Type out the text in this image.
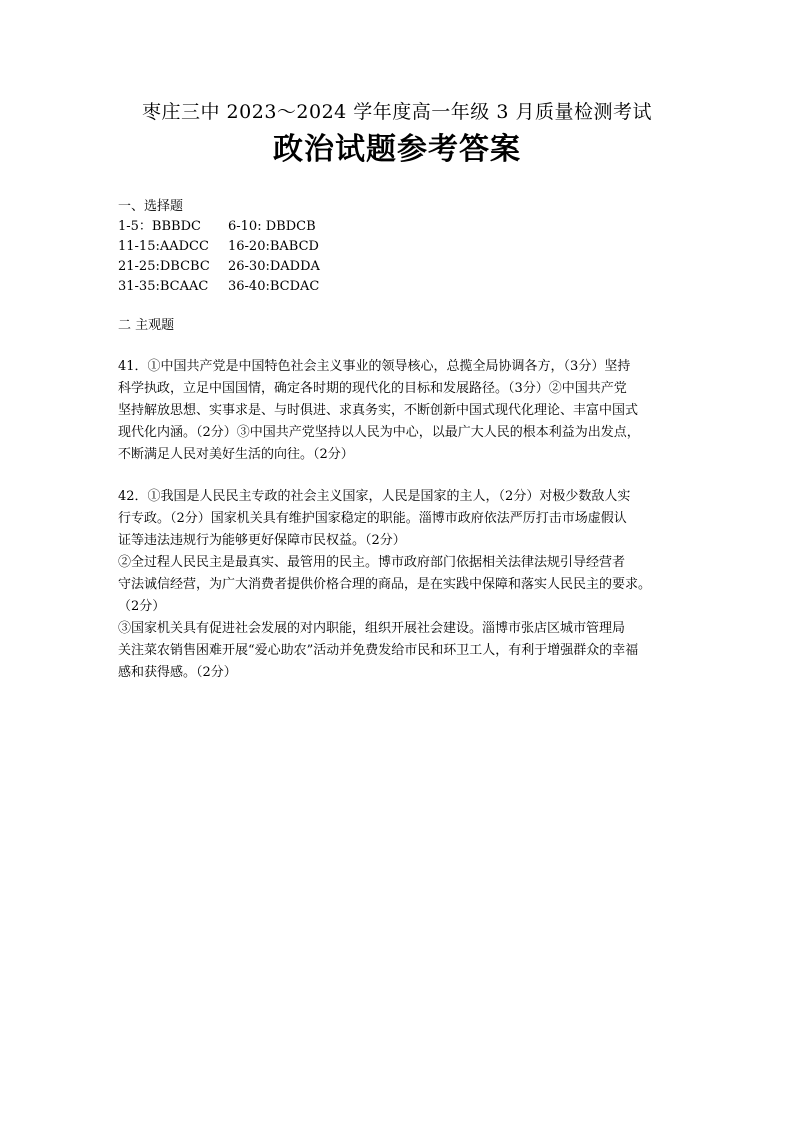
枣庄三中 2023～2024 学年度高一年级 3 月质量检测考试
政治试题参考答案
一、选择题
1-5：BBBDC	6-10: DBDCB
11-15:AADCC	16-20:BABCD
21-25:DBCBC	26-30:DADDA
31-35:BCAAC	36-40:BCDAC
二 主观题
41．①中国共产党是中国特色社会主义事业的领导核心，总揽全局协调各方，（3分）坚持
科学执政，立足中国国情，确定各时期的现代化的目标和发展路径。（3分）②中国共产党
坚持解放思想、实事求是、与时俱进、求真务实，不断创新中国式现代化理论、丰富中国式
现代化内涵。（2分）③中国共产党坚持以人民为中心，以最广大人民的根本利益为出发点，
不断满足人民对美好生活的向往。（2分）
42．①我国是人民民主专政的社会主义国家，人民是国家的主人，（2分）对极少数敌人实
行专政。（2分）国家机关具有维护国家稳定的职能。淄博市政府依法严厉打击市场虚假认
证等违法违规行为能够更好保障市民权益。（2分）
②全过程人民民主是最真实、最管用的民主。博市政府部门依据相关法律法规引导经营者
守法诚信经营，为广大消费者提供价格合理的商品，是在实践中保障和落实人民民主的要求。
（2分）
③国家机关具有促进社会发展的对内职能，组织开展社会建设。淄博市张店区城市管理局
关注菜农销售困难开展“爱心助农”活动并免费发给市民和环卫工人，有利于增强群众的幸福
感和获得感。（2分）
